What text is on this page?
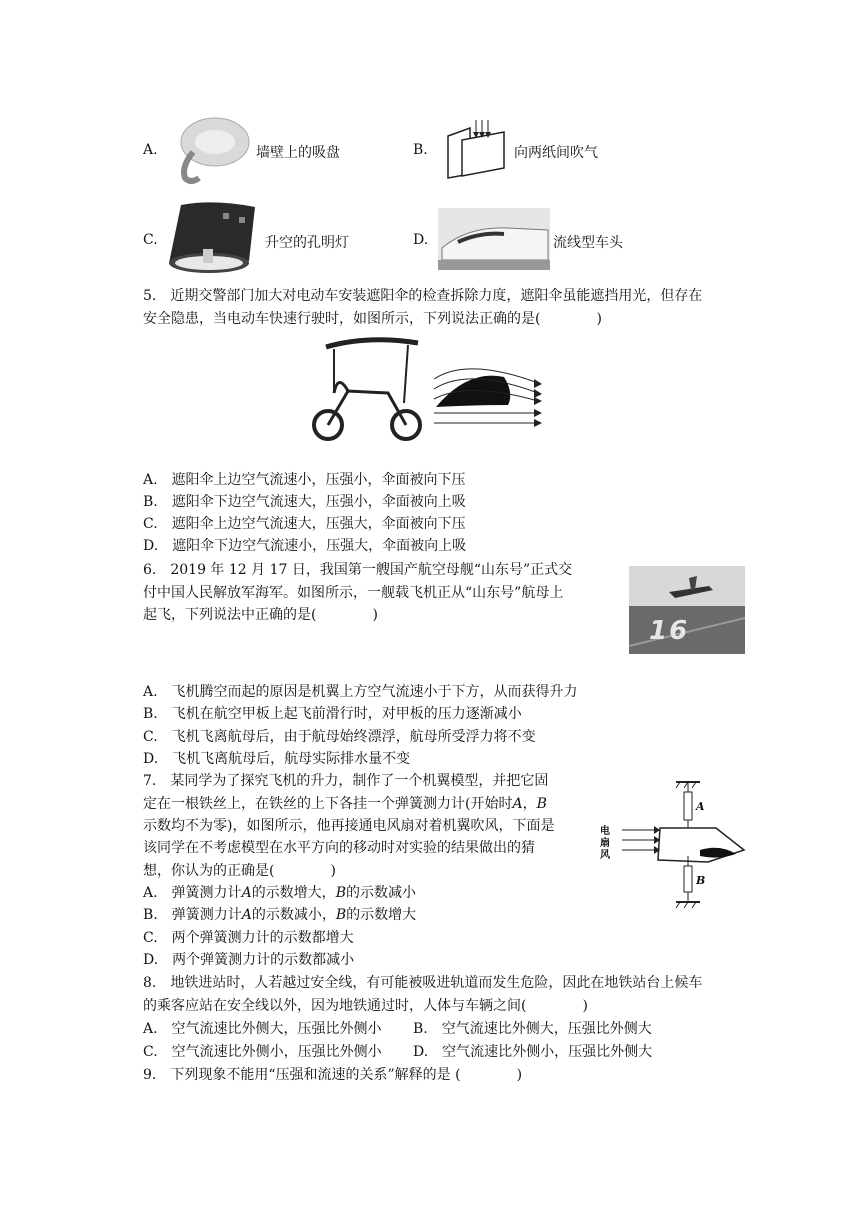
A.	墙壁上的吸盘	B.	向两纸间吹气
C.	升空的孔明灯	D.	流线型车头
5.　近期交警部门加大对电动车安装遮阳伞的检查拆除力度，遮阳伞虽能遮挡用光，但存在
安全隐患，当电动车快速行驶时，如图所示，下列说法正确的是(　　　　)
A.　遮阳伞上边空气流速小，压强小，伞面被向下压
B.　遮阳伞下边空气流速大，压强小，伞面被向上吸
C.　遮阳伞上边空气流速大，压强大，伞面被向下压
D.　遮阳伞下边空气流速小，压强大，伞面被向上吸
6.　2019 年 12 月 17 日，我国第一艘国产航空母舰“山东号”正式交
付中国人民解放军海军。如图所示，一舰载飞机正从“山东号”航母上
起飞，下列说法中正确的是(　　　　)
16
A.　飞机腾空而起的原因是机翼上方空气流速小于下方，从而获得升力
B.　飞机在航空甲板上起飞前滑行时，对甲板的压力逐渐减小
C.　飞机飞离航母后，由于航母始终漂浮，航母所受浮力将不变
D.　飞机飞离航母后，航母实际排水量不变
7.　某同学为了探究飞机的升力，制作了一个机翼模型，并把它固
定在一根铁丝上，在铁丝的上下各挂一个弹簧测力计(开始时A，B
示数均不为零)，如图所示，他再接通电风扇对着机翼吹风，下面是
该同学在不考虑模型在水平方向的移动时对实验的结果做出的猜
想，你认为的正确是(　　　　)
A
B
电
扇
风
A.　弹簧测力计A的示数增大，B的示数减小
B.　弹簧测力计A的示数减小，B的示数增大
C.　两个弹簧测力计的示数都增大
D.　两个弹簧测力计的示数都减小
8.　地铁进站时，人若越过安全线，有可能被吸进轨道而发生危险，因此在地铁站台上候车
的乘客应站在安全线以外，因为地铁通过时，人体与车辆之间(　　　　)
A.　空气流速比外侧大，压强比外侧小 B.　空气流速比外侧大，压强比外侧大
C.　空气流速比外侧小，压强比外侧小 D.　空气流速比外侧小，压强比外侧大
9.　下列现象不能用“压强和流速的关系”解释的是 (　　　　)
